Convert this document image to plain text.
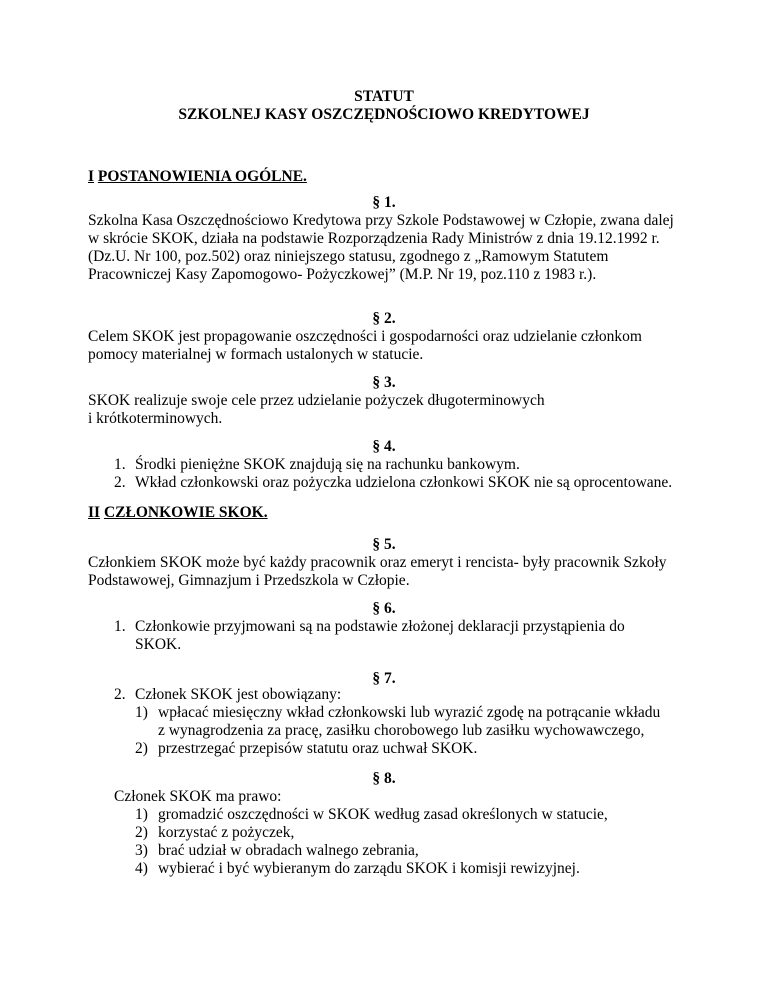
STATUT
SZKOLNEJ KASY OSZCZĘDNOŚCIOWO KREDYTOWEJ
I POSTANOWIENIA OGÓLNE.
§ 1.
Szkolna Kasa Oszczędnościowo Kredytowa przy Szkole Podstawowej w Człopie, zwana dalej
w skrócie SKOK, działa na podstawie Rozporządzenia Rady Ministrów z dnia 19.12.1992 r.
(Dz.U. Nr 100, poz.502) oraz niniejszego statusu, zgodnego z „Ramowym Statutem
Pracowniczej Kasy Zapomogowo- Pożyczkowej” (M.P. Nr 19, poz.110 z 1983 r.).
§ 2.
Celem SKOK jest propagowanie oszczędności i gospodarności oraz udzielanie członkom
pomocy materialnej w formach ustalonych w statucie.
§ 3.
SKOK realizuje swoje cele przez udzielanie pożyczek długoterminowych
i krótkoterminowych.
§ 4.
1. Środki pieniężne SKOK znajdują się na rachunku bankowym.
2. Wkład członkowski oraz pożyczka udzielona członkowi SKOK nie są oprocentowane.
II CZŁONKOWIE SKOK.
§ 5.
Członkiem SKOK może być każdy pracownik oraz emeryt i rencista- były pracownik Szkoły
Podstawowej, Gimnazjum i Przedszkola w Człopie.
§ 6.
1. Członkowie przyjmowani są na podstawie złożonej deklaracji przystąpienia do
SKOK.
§ 7.
2. Członek SKOK jest obowiązany:
1) wpłacać miesięczny wkład członkowski lub wyrazić zgodę na potrącanie wkładu
z wynagrodzenia za pracę, zasiłku chorobowego lub zasiłku wychowawczego,
2) przestrzegać przepisów statutu oraz uchwał SKOK.
§ 8.
Członek SKOK ma prawo:
1) gromadzić oszczędności w SKOK według zasad określonych w statucie,
2) korzystać z pożyczek,
3) brać udział w obradach walnego zebrania,
4) wybierać i być wybieranym do zarządu SKOK i komisji rewizyjnej.
